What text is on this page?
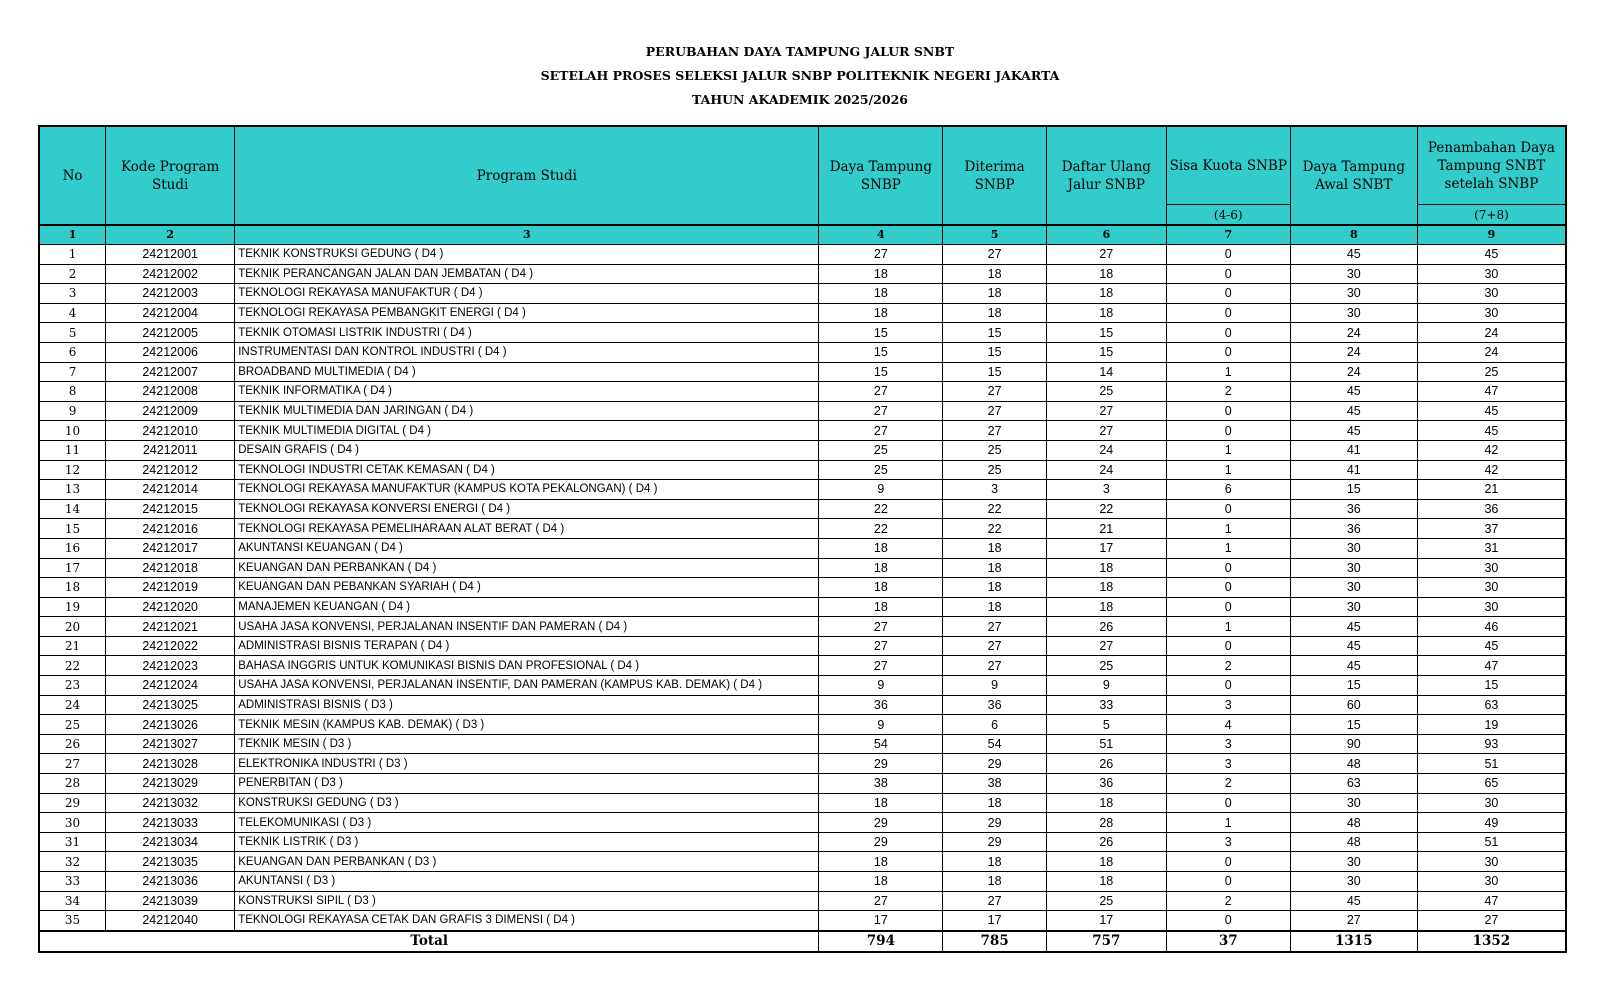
PERUBAHAN DAYA TAMPUNG JALUR SNBT
SETELAH PROSES SELEKSI JALUR SNBP POLITEKNIK NEGERI JAKARTA
TAHUN AKADEMIK 2025/2026
No	Kode Program Studi	Program Studi	Daya Tampung SNBP	Diterima SNBP	Daftar Ulang Jalur SNBP	Sisa Kuota SNBP	Daya Tampung Awal SNBT	Penambahan Daya Tampung SNBT setelah SNBP
						(4-6)		(7+8)
1	2	3	4	5	6	7	8	9
1	24212001	TEKNIK KONSTRUKSI GEDUNG ( D4 )	27	27	27	0	45	45
2	24212002	TEKNIK PERANCANGAN JALAN DAN JEMBATAN ( D4 )	18	18	18	0	30	30
3	24212003	TEKNOLOGI REKAYASA MANUFAKTUR ( D4 )	18	18	18	0	30	30
4	24212004	TEKNOLOGI REKAYASA PEMBANGKIT ENERGI ( D4 )	18	18	18	0	30	30
5	24212005	TEKNIK OTOMASI LISTRIK INDUSTRI ( D4 )	15	15	15	0	24	24
6	24212006	INSTRUMENTASI DAN KONTROL INDUSTRI ( D4 )	15	15	15	0	24	24
7	24212007	BROADBAND MULTIMEDIA ( D4 )	15	15	14	1	24	25
8	24212008	TEKNIK INFORMATIKA ( D4 )	27	27	25	2	45	47
9	24212009	TEKNIK MULTIMEDIA DAN JARINGAN ( D4 )	27	27	27	0	45	45
10	24212010	TEKNIK MULTIMEDIA DIGITAL ( D4 )	27	27	27	0	45	45
11	24212011	DESAIN GRAFIS ( D4 )	25	25	24	1	41	42
12	24212012	TEKNOLOGI INDUSTRI CETAK KEMASAN ( D4 )	25	25	24	1	41	42
13	24212014	TEKNOLOGI REKAYASA MANUFAKTUR (KAMPUS KOTA PEKALONGAN) ( D4 )	9	3	3	6	15	21
14	24212015	TEKNOLOGI REKAYASA KONVERSI ENERGI ( D4 )	22	22	22	0	36	36
15	24212016	TEKNOLOGI REKAYASA PEMELIHARAAN ALAT BERAT ( D4 )	22	22	21	1	36	37
16	24212017	AKUNTANSI KEUANGAN ( D4 )	18	18	17	1	30	31
17	24212018	KEUANGAN DAN PERBANKAN ( D4 )	18	18	18	0	30	30
18	24212019	KEUANGAN DAN PEBANKAN SYARIAH ( D4 )	18	18	18	0	30	30
19	24212020	MANAJEMEN KEUANGAN ( D4 )	18	18	18	0	30	30
20	24212021	USAHA JASA KONVENSI, PERJALANAN INSENTIF DAN PAMERAN ( D4 )	27	27	26	1	45	46
21	24212022	ADMINISTRASI BISNIS TERAPAN ( D4 )	27	27	27	0	45	45
22	24212023	BAHASA INGGRIS UNTUK KOMUNIKASI BISNIS DAN PROFESIONAL ( D4 )	27	27	25	2	45	47
23	24212024	USAHA JASA KONVENSI, PERJALANAN INSENTIF, DAN PAMERAN (KAMPUS KAB. DEMAK) ( D4 )	9	9	9	0	15	15
24	24213025	ADMINISTRASI BISNIS ( D3 )	36	36	33	3	60	63
25	24213026	TEKNIK MESIN (KAMPUS KAB. DEMAK) ( D3 )	9	6	5	4	15	19
26	24213027	TEKNIK MESIN ( D3 )	54	54	51	3	90	93
27	24213028	ELEKTRONIKA INDUSTRI ( D3 )	29	29	26	3	48	51
28	24213029	PENERBITAN ( D3 )	38	38	36	2	63	65
29	24213032	KONSTRUKSI GEDUNG ( D3 )	18	18	18	0	30	30
30	24213033	TELEKOMUNIKASI ( D3 )	29	29	28	1	48	49
31	24213034	TEKNIK LISTRIK ( D3 )	29	29	26	3	48	51
32	24213035	KEUANGAN DAN PERBANKAN ( D3 )	18	18	18	0	30	30
33	24213036	AKUNTANSI ( D3 )	18	18	18	0	30	30
34	24213039	KONSTRUKSI SIPIL ( D3 )	27	27	25	2	45	47
35	24212040	TEKNOLOGI REKAYASA CETAK DAN GRAFIS 3 DIMENSI ( D4 )	17	17	17	0	27	27
Total			794	785	757	37	1315	1352
